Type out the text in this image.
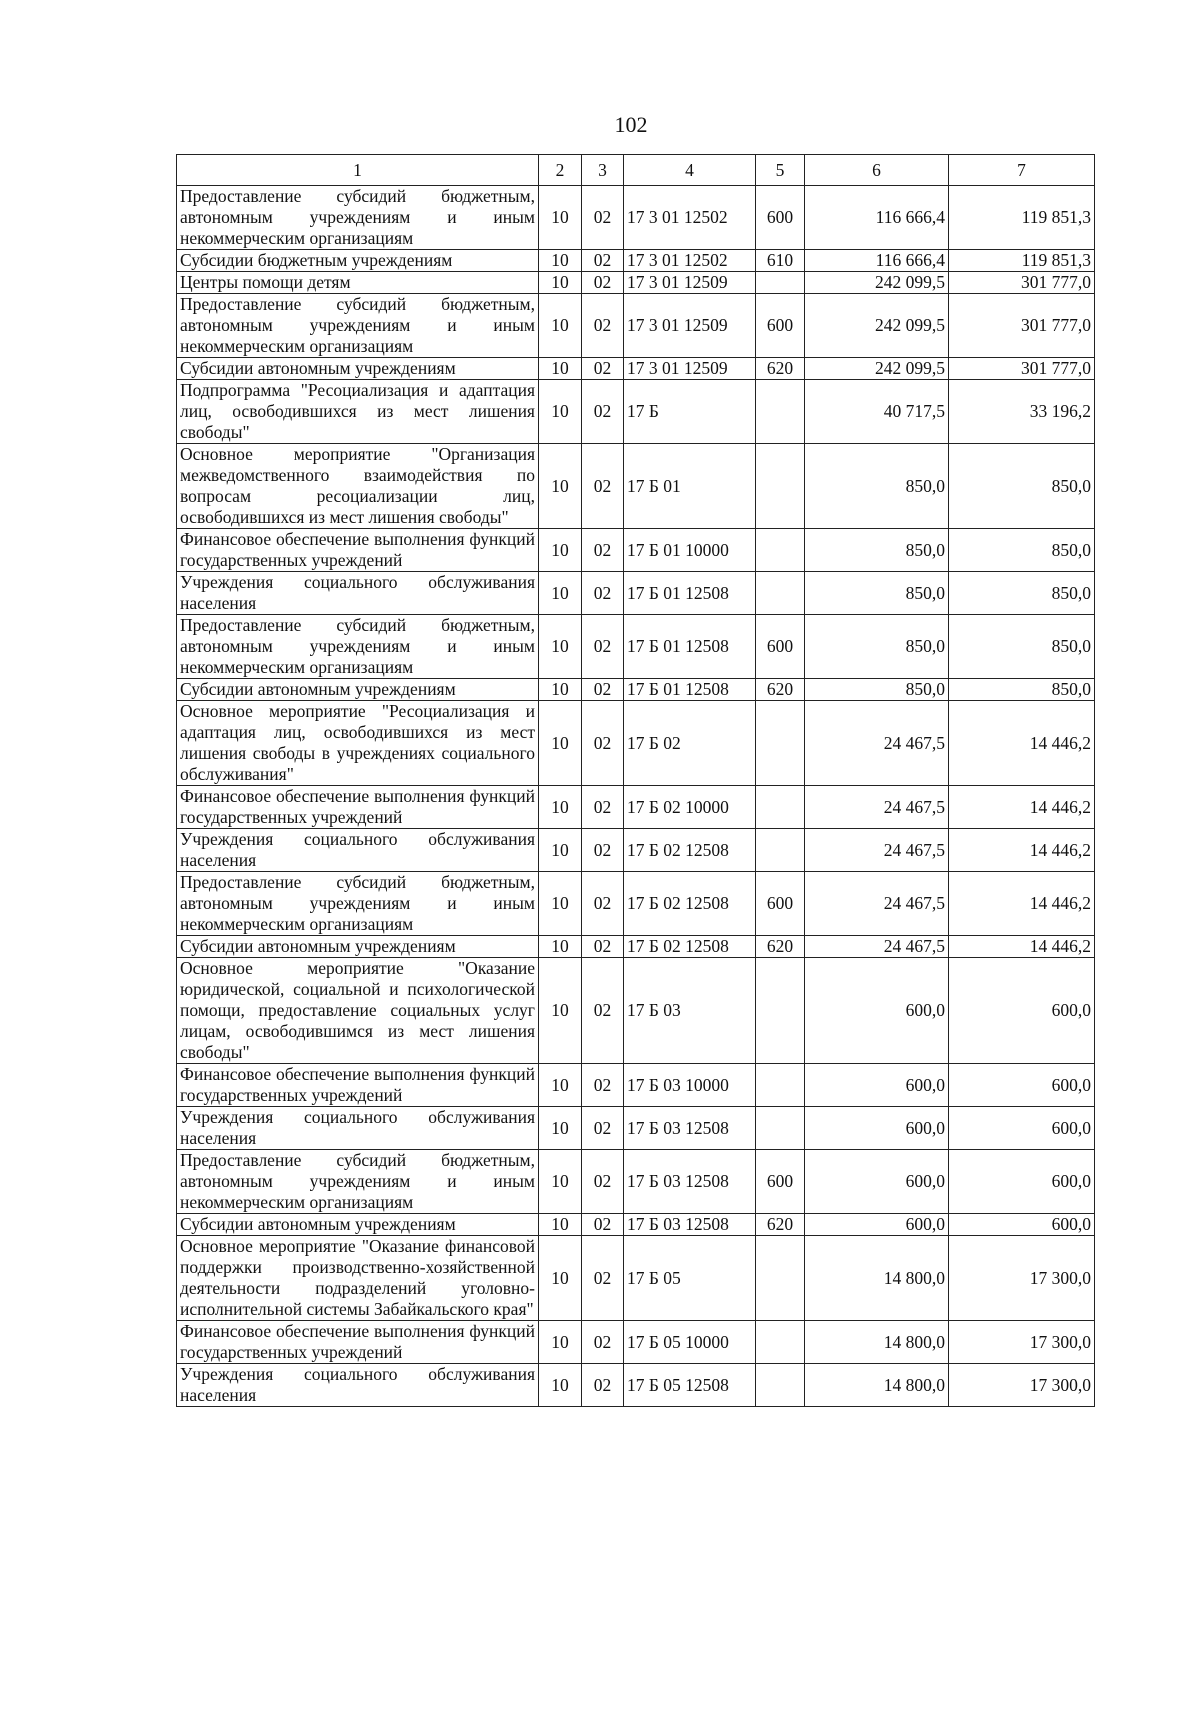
102
1	2	3	4	5	6	7
Предоставление субсидий бюджетным, автономным учреждениям и иным некоммерческим организациям	10	02	17 3 01 12502	600	116 666,4	119 851,3
Субсидии бюджетным учреждениям	10	02	17 3 01 12502	610	116 666,4	119 851,3
Центры помощи детям	10	02	17 3 01 12509		242 099,5	301 777,0
Предоставление субсидий бюджетным, автономным учреждениям и иным некоммерческим организациям	10	02	17 3 01 12509	600	242 099,5	301 777,0
Субсидии автономным учреждениям	10	02	17 3 01 12509	620	242 099,5	301 777,0
Подпрограмма "Ресоциализация и адаптация лиц, освободившихся из мест лишения свободы"	10	02	17 Б		40 717,5	33 196,2
Основное мероприятие "Организация межведомственного взаимодействия по вопросам ресоциализации лиц, освободившихся из мест лишения свободы"	10	02	17 Б 01		850,0	850,0
Финансовое обеспечение выполнения функций государственных учреждений	10	02	17 Б 01 10000		850,0	850,0
Учреждения социального обслуживания населения	10	02	17 Б 01 12508		850,0	850,0
Предоставление субсидий бюджетным, автономным учреждениям и иным некоммерческим организациям	10	02	17 Б 01 12508	600	850,0	850,0
Субсидии автономным учреждениям	10	02	17 Б 01 12508	620	850,0	850,0
Основное мероприятие "Ресоциализация и адаптация лиц, освободившихся из мест лишения свободы в учреждениях социального обслуживания"	10	02	17 Б 02		24 467,5	14 446,2
Финансовое обеспечение выполнения функций государственных учреждений	10	02	17 Б 02 10000		24 467,5	14 446,2
Учреждения социального обслуживания населения	10	02	17 Б 02 12508		24 467,5	14 446,2
Предоставление субсидий бюджетным, автономным учреждениям и иным некоммерческим организациям	10	02	17 Б 02 12508	600	24 467,5	14 446,2
Субсидии автономным учреждениям	10	02	17 Б 02 12508	620	24 467,5	14 446,2
Основное мероприятие "Оказание юридической, социальной и психологической помощи, предоставление социальных услуг лицам, освободившимся из мест лишения свободы"	10	02	17 Б 03		600,0	600,0
Финансовое обеспечение выполнения функций государственных учреждений	10	02	17 Б 03 10000		600,0	600,0
Учреждения социального обслуживания населения	10	02	17 Б 03 12508		600,0	600,0
Предоставление субсидий бюджетным, автономным учреждениям и иным некоммерческим организациям	10	02	17 Б 03 12508	600	600,0	600,0
Субсидии автономным учреждениям	10	02	17 Б 03 12508	620	600,0	600,0
Основное мероприятие "Оказание финансовой поддержки производственно-хозяйственной деятельности подразделений уголовно-исполнительной системы Забайкальского края"	10	02	17 Б 05		14 800,0	17 300,0
Финансовое обеспечение выполнения функций государственных учреждений	10	02	17 Б 05 10000		14 800,0	17 300,0
Учреждения социального обслуживания населения	10	02	17 Б 05 12508		14 800,0	17 300,0
